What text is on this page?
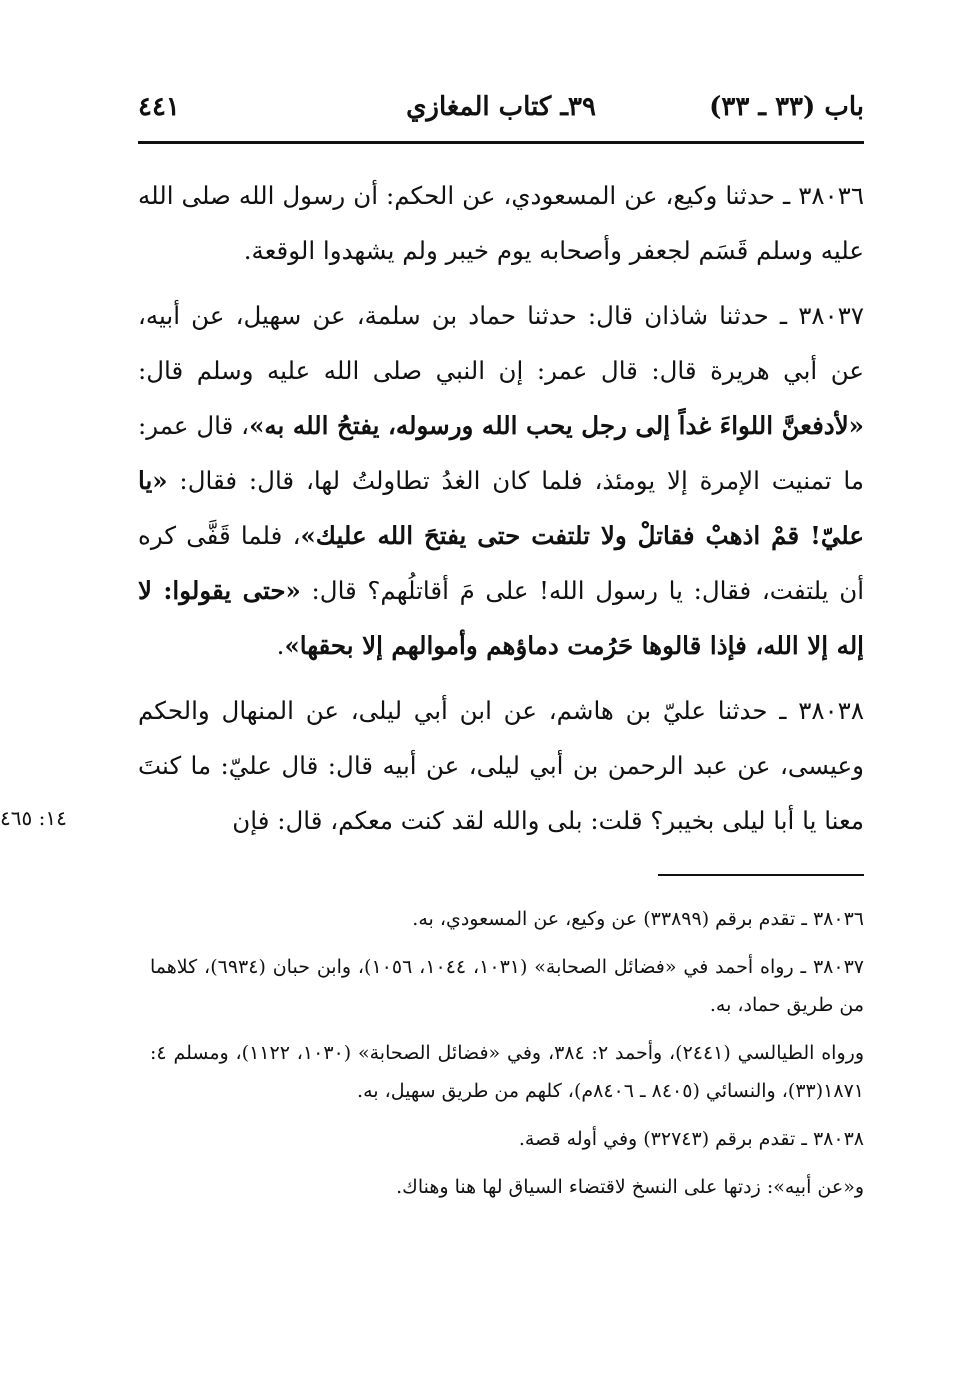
باب (٣٣ ـ ٣٣)
٣٩ـ كتاب المغازي
٤٤١

٣٨٠٣٦ ـ حدثنا وكيع، عن المسعودي، عن الحكم: أن رسول الله صلى الله عليه وسلم قَسَم لجعفر وأصحابه يوم خيبر ولم يشهدوا الوقعة.

٣٨٠٣٧ ـ حدثنا شاذان قال: حدثنا حماد بن سلمة، عن سهيل، عن أبيه، عن أبي هريرة قال: قال عمر: إن النبي صلى الله عليه وسلم قال: «لأدفعنَّ اللواءَ غداً إلى رجل يحب الله ورسوله، يفتحُ الله به»، قال عمر: ما تمنيت الإمرة إلا يومئذ، فلما كان الغدُ تطاولتُ لها، قال: فقال: «يا عليّ! قمْ اذهبْ فقاتلْ ولا تلتفت حتى يفتحَ الله عليك»، فلما قَفَّى كره أن يلتفت، فقال: يا رسول الله! على مَ أقاتلُهم؟ قال: «حتى يقولوا: لا إله إلا الله، فإذا قالوها حَرُمت دماؤهم وأموالهم إلا بحقها».

٣٨٠٣٨ ـ حدثنا عليّ بن هاشم، عن ابن أبي ليلى، عن المنهال والحكم وعيسى، عن عبد الرحمن بن أبي ليلى، عن أبيه قال: قال عليّ: ما كنتَ معنا يا أبا ليلى بخيبر؟ قلت: بلى والله لقد كنت معكم، قال: فإن

١٤: ٤٦٥

٣٨٠٣٦ ـ تقدم برقم (٣٣٨٩٩) عن وكيع، عن المسعودي، به.

٣٨٠٣٧ ـ رواه أحمد في «فضائل الصحابة» (١٠٣١، ١٠٤٤، ١٠٥٦)، وابن حبان (٦٩٣٤)، كلاهما من طريق حماد، به.

ورواه الطيالسي (٢٤٤١)، وأحمد ٢: ٣٨٤، وفي «فضائل الصحابة» (١٠٣٠، ١١٢٢)، ومسلم ٤: ١٨٧١(٣٣)، والنسائي (٨٤٠٥ ـ ٨٤٠٦م)، كلهم من طريق سهيل، به.

٣٨٠٣٨ ـ تقدم برقم (٣٢٧٤٣) وفي أوله قصة.

و«عن أبيه»: زدتها على النسخ لاقتضاء السياق لها هنا وهناك.
